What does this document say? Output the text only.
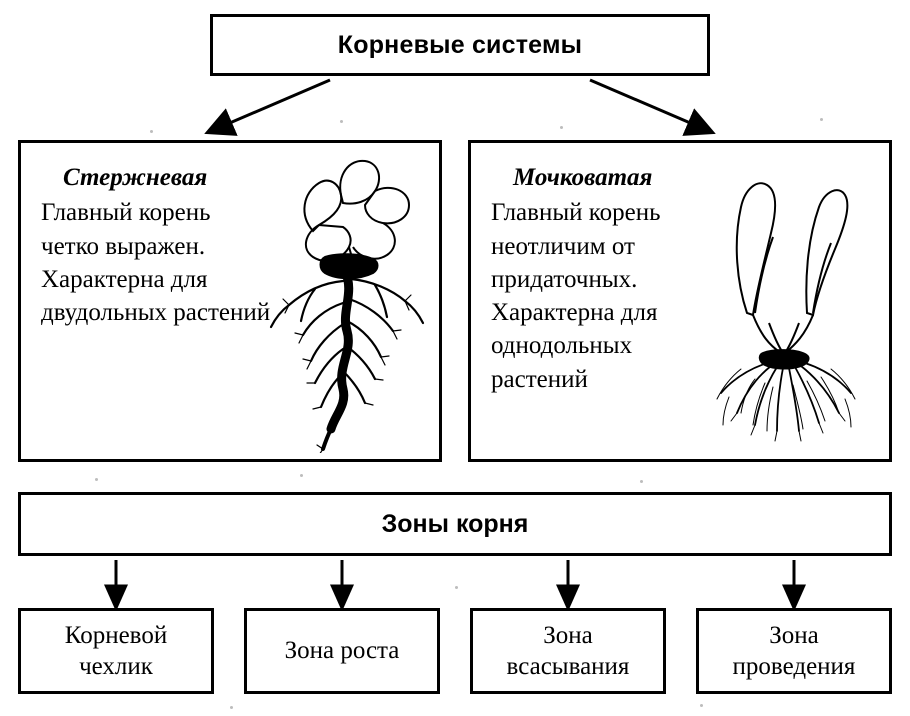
Корневые системы
Стержневая
Главный корень четко выражен. Характерна для двудольных растений
Мочковатая
Главный корень неотличим от придаточных. Характерна для однодольных растений
Зоны корня
Корневой чехлик
Зона роста
Зона всасывания
Зона проведения
